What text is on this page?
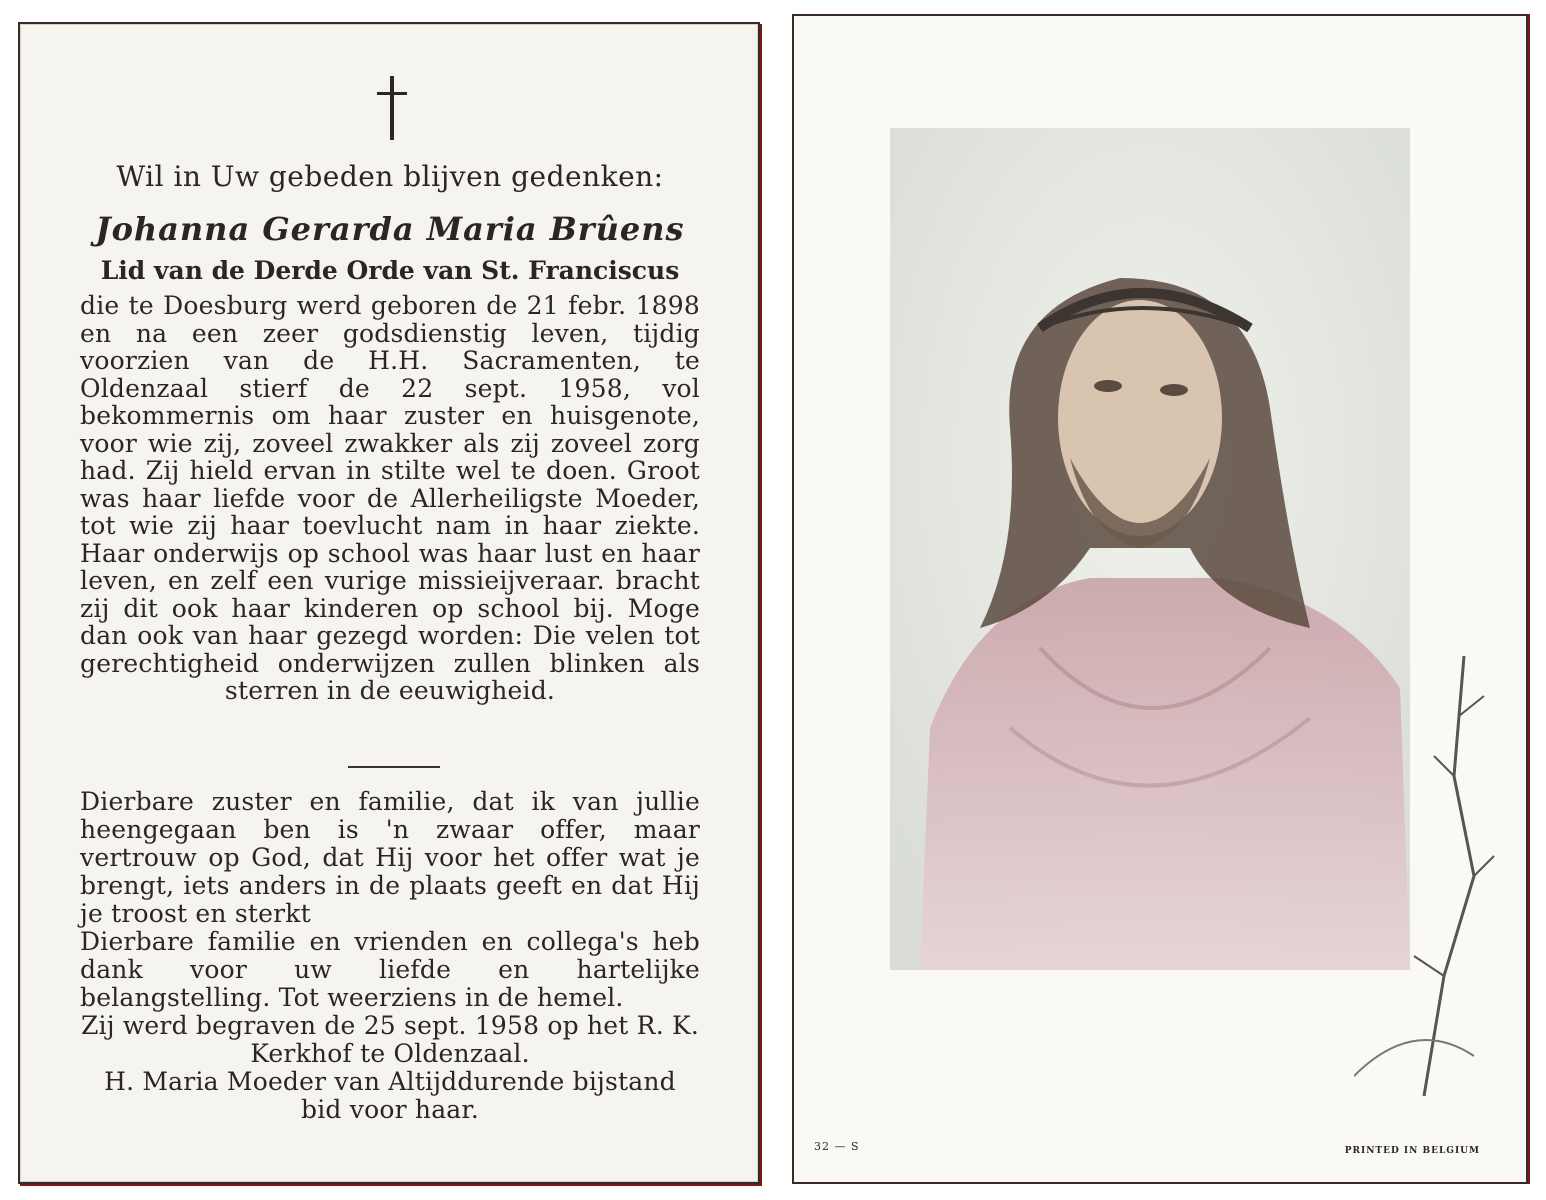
Wil in Uw gebeden blijven gedenken:
Johanna Gerarda Maria Brûens
Lid van de Derde Orde van St. Franciscus
die te Doesburg werd geboren de 21 febr. 1898 en na een zeer godsdienstig leven, tijdig voorzien van de H.H. Sacramenten, te Oldenzaal stierf de 22 sept. 1958, vol bekommernis om haar zuster en huisgenote, voor wie zij, zoveel zwakker als zij zoveel zorg had. Zij hield ervan in stilte wel te doen. Groot was haar liefde voor de Allerheiligste Moeder, tot wie zij haar toevlucht nam in haar ziekte. Haar onderwijs op school was haar lust en haar leven, en zelf een vurige missieijveraar. bracht zij dit ook haar kinderen op school bij. Moge dan ook van haar gezegd worden: Die velen tot gerechtigheid onderwijzen zullen blinken als sterren in de eeuwigheid.

Dierbare zuster en familie, dat ik van jullie heengegaan ben is 'n zwaar offer, maar vertrouw op God, dat Hij voor het offer wat je brengt, iets anders in de plaats geeft en dat Hij je troost en sterkt

Dierbare familie en vrienden en collega's heb dank voor uw liefde en hartelijke belangstelling. Tot weerziens in de hemel.

Zij werd begraven de 25 sept. 1958 op het R. K. Kerkhof te Oldenzaal.

H. Maria Moeder van Altijddurende bijstand bid voor haar.

32 — S	PRINTED IN BELGIUM
